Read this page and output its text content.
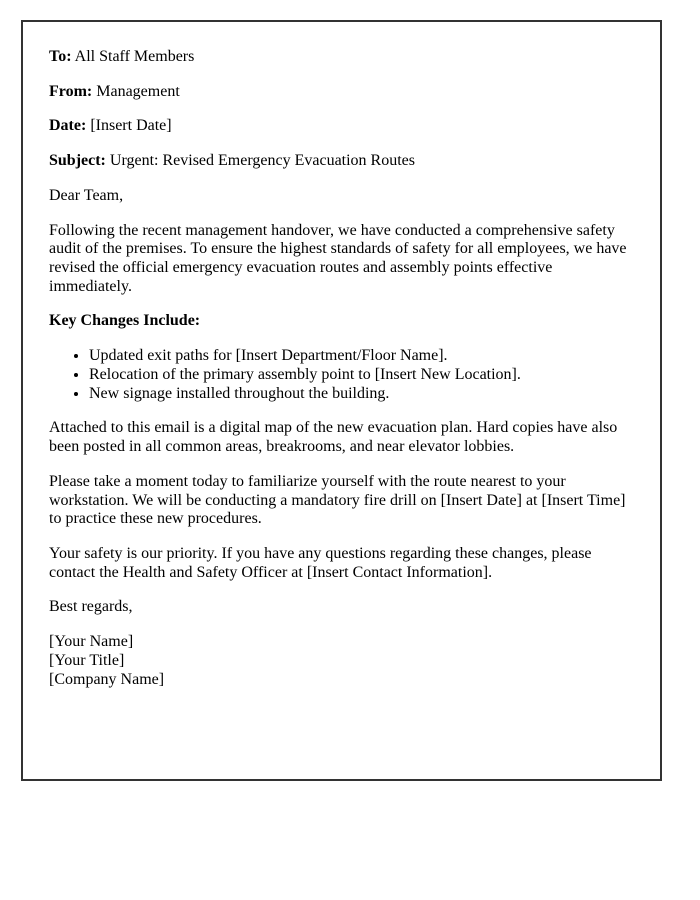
To: All Staff Members

From: Management

Date: [Insert Date]

Subject: Urgent: Revised Emergency Evacuation Routes

Dear Team,

Following the recent management handover, we have conducted a comprehensive safety audit of the premises. To ensure the highest standards of safety for all employees, we have revised the official emergency evacuation routes and assembly points effective immediately.

Key Changes Include:

• Updated exit paths for [Insert Department/Floor Name].
• Relocation of the primary assembly point to [Insert New Location].
• New signage installed throughout the building.

Attached to this email is a digital map of the new evacuation plan. Hard copies have also been posted in all common areas, breakrooms, and near elevator lobbies.

Please take a moment today to familiarize yourself with the route nearest to your workstation. We will be conducting a mandatory fire drill on [Insert Date] at [Insert Time] to practice these new procedures.

Your safety is our priority. If you have any questions regarding these changes, please contact the Health and Safety Officer at [Insert Contact Information].

Best regards,

[Your Name]
[Your Title]
[Company Name]
